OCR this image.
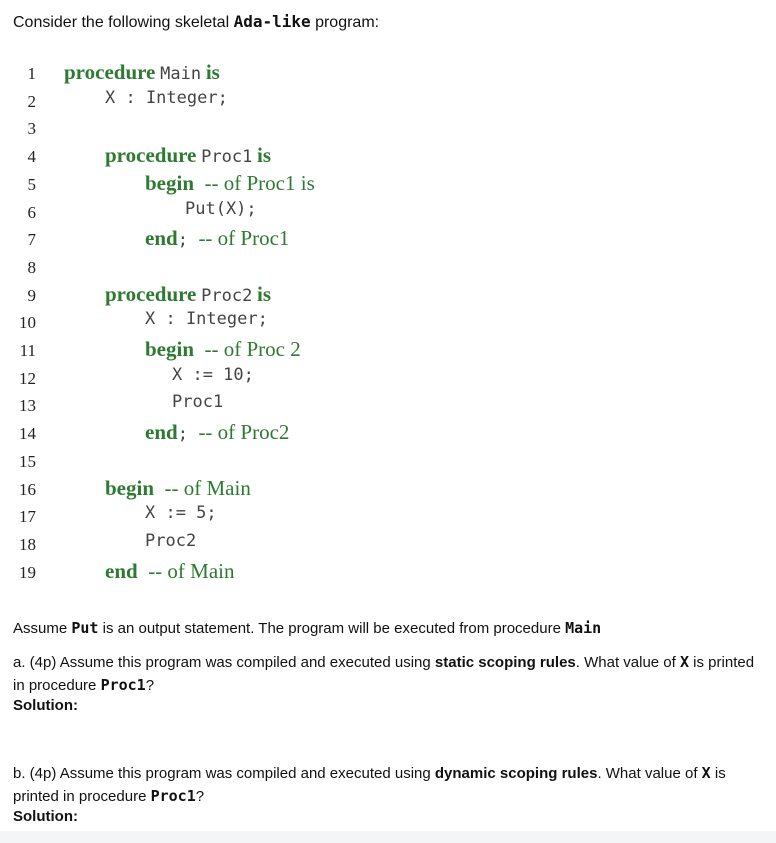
Consider the following skeletal Ada-like program:
1 procedure Main is
2	X : Integer;
3
4	procedure Proc1 is
5	begin  -- of Proc1 is
6	Put(X);
7	end;  -- of Proc1
8
9	procedure Proc2 is
10	X : Integer;
11	begin  -- of Proc 2
12	X := 10;
13	Proc1
14	end;  -- of Proc2
15
16	begin  -- of Main
17	X := 5;
18	Proc2
19	end  -- of Main
Assume Put is an output statement. The program will be executed from procedure Main
a. (4p) Assume this program was compiled and executed using static scoping rules. What value of X is printed in procedure Proc1?
Solution:
b. (4p) Assume this program was compiled and executed using dynamic scoping rules. What value of X is printed in procedure Proc1?
Solution:
